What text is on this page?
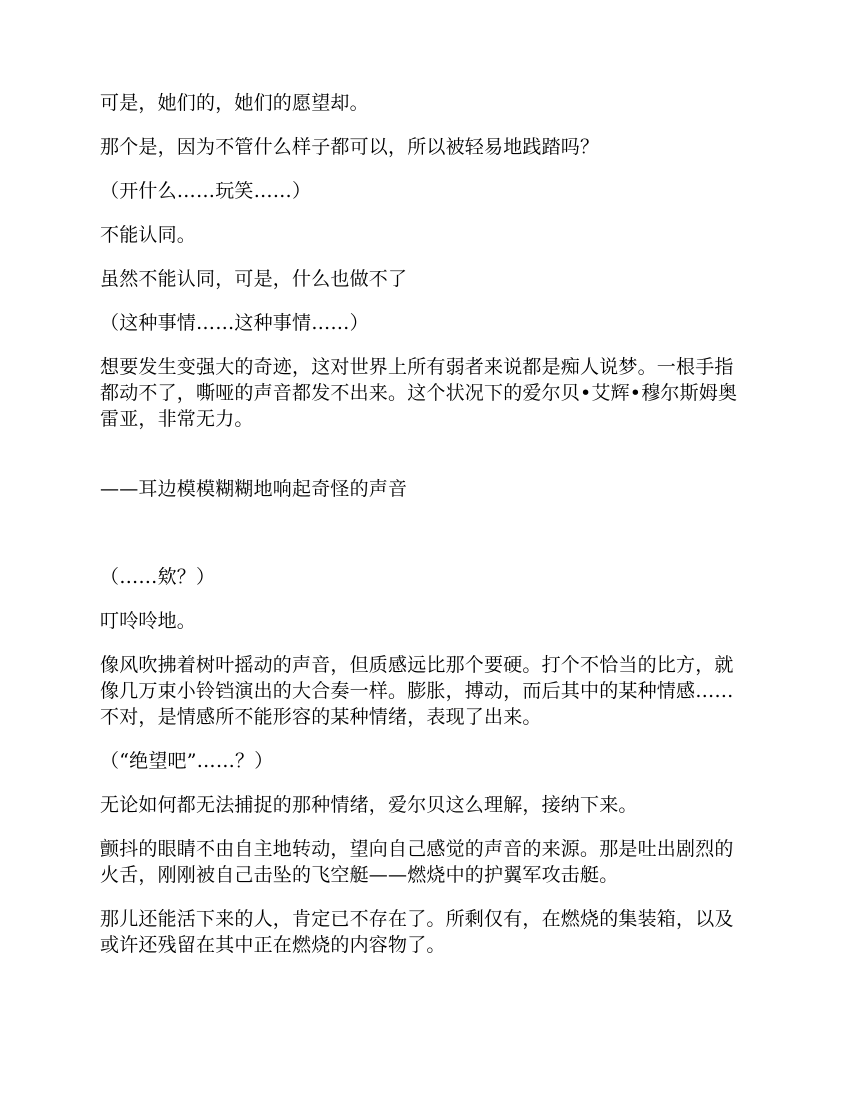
可是，她们的，她们的愿望却。

那个是，因为不管什么样子都可以，所以被轻易地践踏吗？

（开什么……玩笑……）

不能认同。

虽然不能认同，可是，什么也做不了

（这种事情……这种事情……）

想要发生变强大的奇迹，这对世界上所有弱者来说都是痴人说梦。一根手指都动不了，嘶哑的声音都发不出来。这个状况下的爱尔贝•艾辉•穆尔斯姆奥雷亚，非常无力。

——耳边模模糊糊地响起奇怪的声音

（……欸？）

叮呤呤地。

像风吹拂着树叶摇动的声音，但质感远比那个要硬。打个不恰当的比方，就像几万束小铃铛演出的大合奏一样。膨胀，搏动，而后其中的某种情感……不对，是情感所不能形容的某种情绪，表现了出来。

（“绝望吧”……？）

无论如何都无法捕捉的那种情绪，爱尔贝这么理解，接纳下来。

颤抖的眼睛不由自主地转动，望向自己感觉的声音的来源。那是吐出剧烈的火舌，刚刚被自己击坠的飞空艇——燃烧中的护翼军攻击艇。

那儿还能活下来的人，肯定已不存在了。所剩仅有，在燃烧的集装箱，以及或许还残留在其中正在燃烧的内容物了。
